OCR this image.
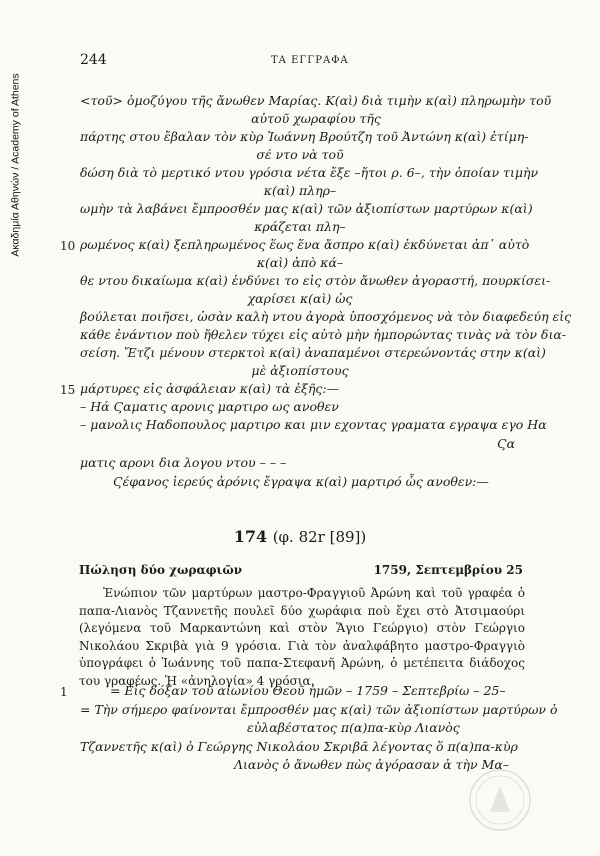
Ακαδημία Αθηνών / Academy of Athens
244	ΤΑ ΕΓΓΡΑΦΑ
<τοῦ> ὁμοζύγου τῆς ἄνωθεν Μαρίας. Κ(αὶ) διὰ τιμὴν κ(αὶ) πληρωμὴν τοῦ
αὐτοῦ χωραφίου τῆς
πάρτης στου ἔβαλαν τὸν κὺρ Ἰωάννη Βρούτζη τοῦ Ἀντώνη κ(αὶ) ἐτίμη-
σέ ντο νὰ τοῦ
δώση διὰ τὸ μερτικό ντου γρόσια νέτα ἔξε –ἤτοι ρ. 6–, τὴν ὁποίαν τιμὴν
κ(αὶ) πληρ–
ωμὴν τὰ λαβάνει ἔμπροσθέν μας κ(αὶ) τῶν ἀξιοπίστων μαρτύρων κ(αὶ)
κράζεται πλη–
10 ρωμένος κ(αὶ) ξεπληρωμένος ἕως ἕνα ἄσπρο κ(αὶ) ἐκδύνεται ἀπ᾽ αὐτὸ
κ(αὶ) ἀπὸ κά–
θε ντου δικαίωμα κ(αὶ) ἐνδύνει το εἰς στὸν ἄνωθεν ἀγοραστή, πουρκίσει-
χαρίσει κ(αὶ) ὡς
βούλεται ποιῆσει, ὡσὰν καλὴ ντου ἀγορὰ ὑποσχόμενος νὰ τὸν διαφεδεύη εἰς
κάθε ἐνάντιον ποὺ ἤθελεν τύχει εἰς αὐτὸ μὴν ἠμπορώντας τινὰς νὰ τὸν δια-
σείση. Ἔτζι μένουν στερκτοὶ κ(αὶ) ἀναπαμένοι στερεώνοντάς στην κ(αὶ)
μὲ ἀξιοπίστους
15 μάρτυρες εἰς ἀσφάλειαν κ(αὶ) τὰ ἐξῆς:—
– Ηά Ϛαματις αρονις μαρτιρο ως ανοθεν
– μανολις Ηαδοπουλος μαρτιρο και μιν εχοντας γραματα εγραψα εγο Ηα
Ϛα
ματις αρονι δια λογου ντου – – –
Ϛέφανος ἱερεύς ἀρόνις ἔγραψα κ(αὶ) μαρτιρό ὧς ανοθεν:—
174 (φ. 82r [89])
Πώληση δύο χωραφιῶν	1759, Σεπτεμβρίου 25
Ἐνώπιον τῶν μαρτύρων μαστρο-Φραγγιοῦ Ἀρώνη καὶ τοῦ γραφέα ὁ παπα-Λιανὸς Τζαννετῆς πουλεῖ δύο χωράφια ποὺ ἔχει στὸ Ἀτσιμαούρι (λεγόμενα τοῦ Μαρκαντώνη καὶ στὸν Ἅγιο Γεώργιο) στὸν Γεώργιο Νικολάου Σκριβὰ γιὰ 9 γρόσια. Γιὰ τὸν ἀναλφάβητο μαστρο-Φραγγιὸ ὑπογράφει ὁ Ἰωάννης τοῦ παπα-Στεφανῆ Ἀρώνη, ὁ μετέπειτα διάδοχος του γραφέως. Ἡ «ἀνηλογία» 4 γρόσια.
1	= Εἰς δόξαν τοῦ αἰωνίου Θεοῦ ἡμῶν – 1759 – Σεπτεβρίω – 25–
= Τὴν σήμερο φαίνονται ἔμπροσθέν μας κ(αὶ) τῶν ἀξιοπίστων μαρτύρων ὁ
εὐλαβέστατος π(α)πα-κὺρ Λιανὸς
Τζαννετῆς κ(αὶ) ὁ Γεώργης Νικολάου Σκριβᾶ λέγοντας ὅ π(α)πα-κὺρ
Λιανὸς ὁ ἄνωθεν πὼς ἀγόρασαν ἀ τὴν Μα–
